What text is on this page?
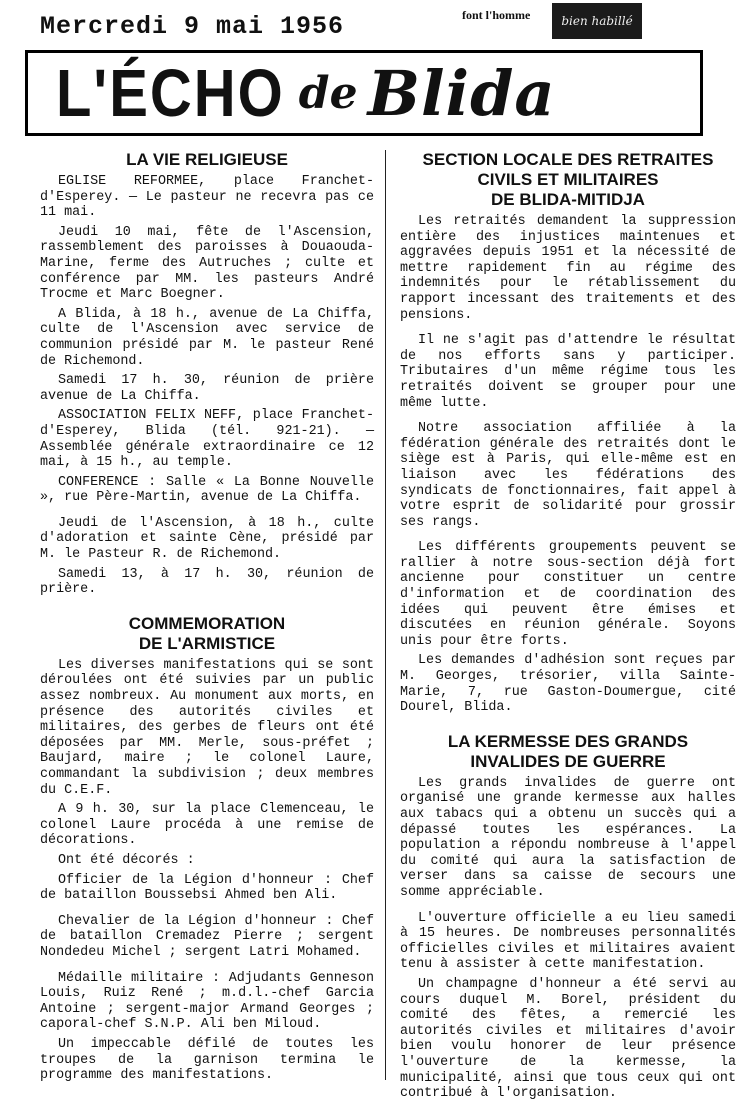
Mercredi 9 mai 1956	font l'homme	bien habillé
L'ÉCHO de Blida
LA VIE RELIGIEUSE

EGLISE REFORMEE, place Franchet-d'Esperey. — Le pasteur ne recevra pas ce 11 mai.

Jeudi 10 mai, fête de l'Ascension, rassemblement des paroisses à Douaouda-Marine, ferme des Autruches ; culte et conférence par MM. les pasteurs André Trocme et Marc Boegner.

A Blida, à 18 h., avenue de La Chiffa, culte de l'Ascension avec service de communion présidé par M. le pasteur René de Richemond.

Samedi 17 h. 30, réunion de prière avenue de La Chiffa.

ASSOCIATION FELIX NEFF, place Franchet-d'Esperey, Blida (tél. 921-21). — Assemblée générale extraordinaire ce 12 mai, à 15 h., au temple.

CONFERENCE : Salle « La Bonne Nouvelle », rue Père-Martin, avenue de La Chiffa.

Jeudi de l'Ascension, à 18 h., culte d'adoration et sainte Cène, présidé par M. le Pasteur R. de Richemond.

Samedi 13, à 17 h. 30, réunion de prière.

COMMEMORATION
DE L'ARMISTICE

Les diverses manifestations qui se sont déroulées ont été suivies par un public assez nombreux. Au monument aux morts, en présence des autorités civiles et militaires, des gerbes de fleurs ont été déposées par MM. Merle, sous-préfet ; Baujard, maire ; le colonel Laure, commandant la subdivision ; deux membres du C.E.F.

A 9 h. 30, sur la place Clemenceau, le colonel Laure procéda à une remise de décorations.

Ont été décorés :

Officier de la Légion d'honneur : Chef de bataillon Boussebsi Ahmed ben Ali.

Chevalier de la Légion d'honneur : Chef de bataillon Cremadez Pierre ; sergent Nondedeu Michel ; sergent Latri Mohamed.

Médaille militaire : Adjudants Genneson Louis, Ruiz René ; m.d.l.-chef Garcia Antoine ; sergent-major Armand Georges ; caporal-chef S.N.P. Ali ben Miloud.

Un impeccable défilé de toutes les troupes de la garnison termina le programme des manifestations.

SECTION LOCALE DES RETRAITES
CIVILS ET MILITAIRES
DE BLIDA-MITIDJA

Les retraités demandent la suppression entière des injustices maintenues et aggravées depuis 1951 et la nécessité de mettre rapidement fin au régime des indemnités pour le rétablissement du rapport incessant des traitements et des pensions.

Il ne s'agit pas d'attendre le résultat de nos efforts sans y participer. Tributaires d'un même régime tous les retraités doivent se grouper pour une même lutte.

Notre association affiliée à la fédération générale des retraités dont le siège est à Paris, qui elle-même est en liaison avec les fédérations des syndicats de fonctionnaires, fait appel à votre esprit de solidarité pour grossir ses rangs.

Les différents groupements peuvent se rallier à notre sous-section déjà fort ancienne pour constituer un centre d'information et de coordination des idées qui peuvent être émises et discutées en réunion générale. Soyons unis pour être forts.

Les demandes d'adhésion sont reçues par M. Georges, trésorier, villa Sainte-Marie, 7, rue Gaston-Doumergue, cité Dourel, Blida.

LA KERMESSE DES GRANDS
INVALIDES DE GUERRE

Les grands invalides de guerre ont organisé une grande kermesse aux halles aux tabacs qui a obtenu un succès qui a dépassé toutes les espérances. La population a répondu nombreuse à l'appel du comité qui aura la satisfaction de verser dans sa caisse de secours une somme appréciable.

L'ouverture officielle a eu lieu samedi à 15 heures. De nombreuses personnalités officielles civiles et militaires avaient tenu à assister à cette manifestation.

Un champagne d'honneur a été servi au cours duquel M. Borel, président du comité des fêtes, a remercié les autorités civiles et militaires d'avoir bien voulu honorer de leur présence l'ouverture de la kermesse, la municipalité, ainsi que tous ceux qui ont contribué à l'organisation.
